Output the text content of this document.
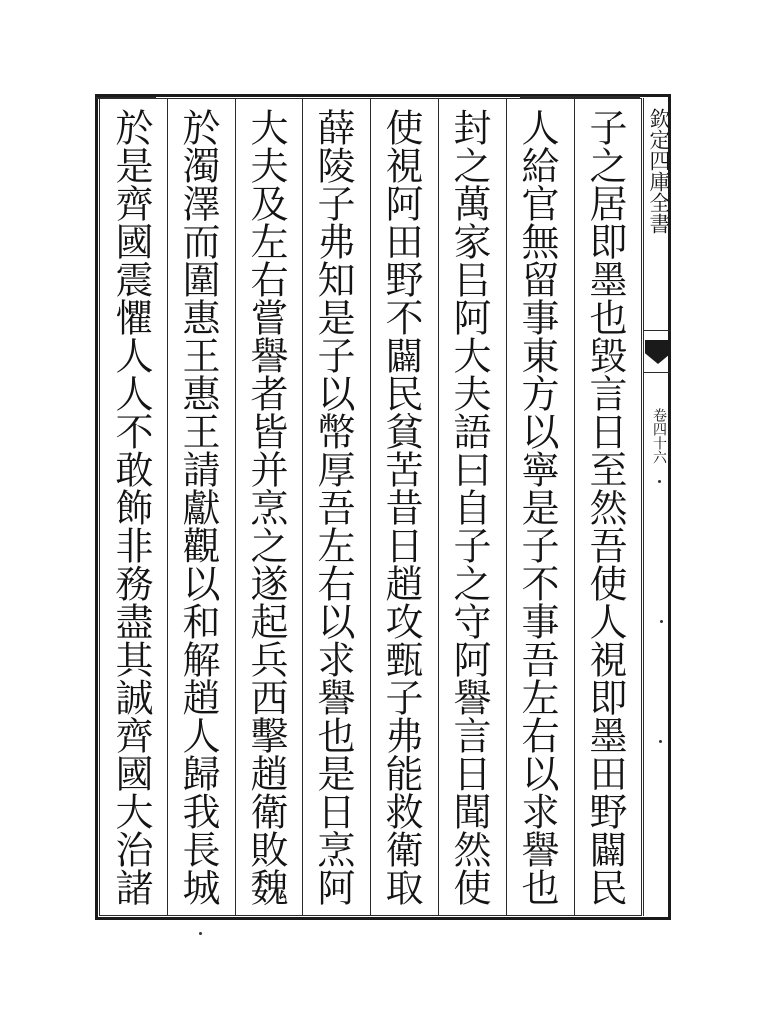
子之居即墨也毀言日至然吾使人視即墨田野闢民
人給官無留事東方以寧是子不事吾左右以求譽也
封之萬家㠯阿大夫語曰自子之守阿譽言日聞然使
使視阿田野不闢民貧苦昔日趙攻甄子弗能救衛取
薛陵子弗知是子以幣厚吾左右以求譽也是日烹阿
大夫及左右嘗譽者皆并烹之遂起兵西擊趙衛敗魏
於濁澤而圍惠王惠王請獻觀以和解趙人歸我長城
於是齊國震懼人人不敢飾非務盡其誠齊國大治諸	欽定四庫全書
卷四十六
